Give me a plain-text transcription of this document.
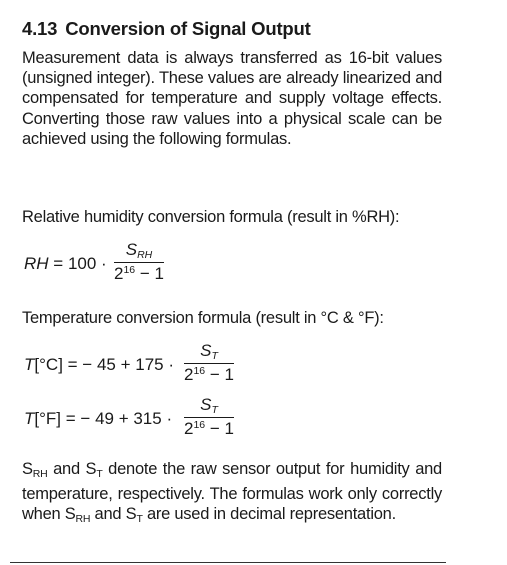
4.13 Conversion of Signal Output
Measurement data is always transferred as 16-bit values (unsigned integer). These values are already linearized and compensated for temperature and supply voltage effects. Converting those raw values into a physical scale can be achieved using the following formulas.
Relative humidity conversion formula (result in %RH):
RH = 100 ·
$S_{RH}$
$2^{16} - 1$
Temperature conversion formula (result in °C & °F):
T[°C] = − $45 + 175 \cdot \frac{S_T}{2^{16} - 1}$
T[°F] = − $49 + 315 \cdot \frac{S_T}{2^{16} - 1}$
$S_{RH}$ and $S_T$ denote the raw sensor output for humidity and temperature, respectively. The formulas work only correctly when $S_{RH}$ and $S_T$ are used in decimal representation.
